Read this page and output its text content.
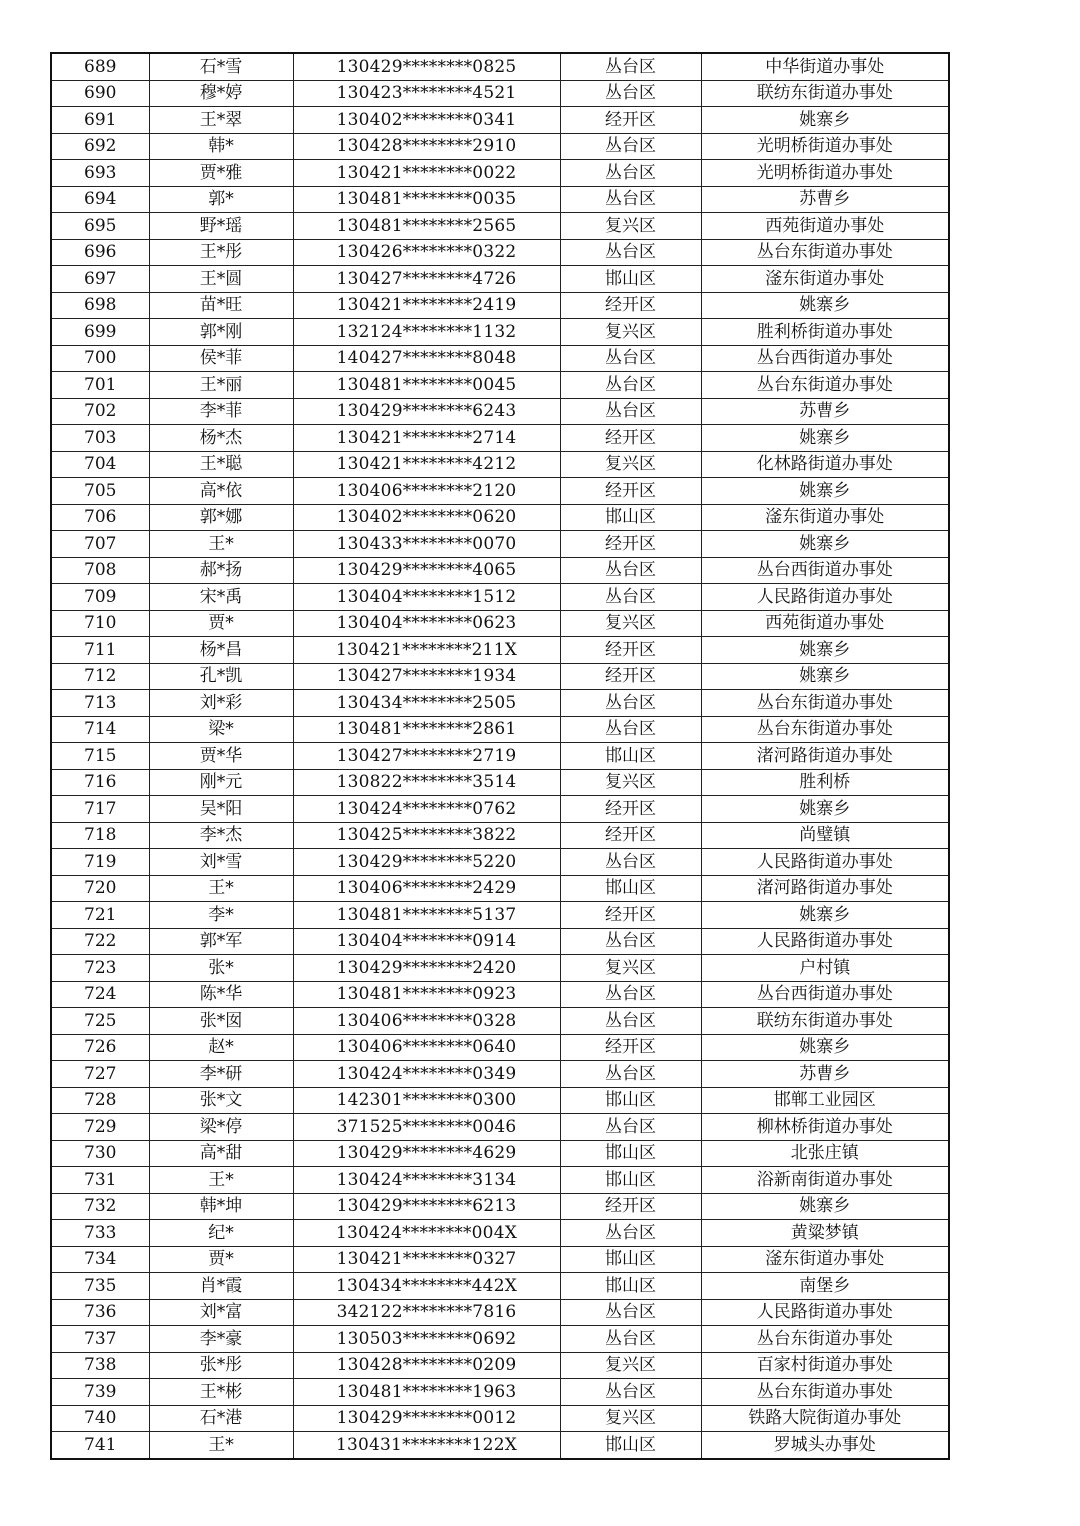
689	石*雪	130429********0825	丛台区	中华街道办事处
690	穆*婷	130423********4521	丛台区	联纺东街道办事处
691	王*翠	130402********0341	经开区	姚寨乡
692	韩*	130428********2910	丛台区	光明桥街道办事处
693	贾*雅	130421********0022	丛台区	光明桥街道办事处
694	郭*	130481********0035	丛台区	苏曹乡
695	野*瑶	130481********2565	复兴区	西苑街道办事处
696	王*彤	130426********0322	丛台区	丛台东街道办事处
697	王*圆	130427********4726	邯山区	滏东街道办事处
698	苗*旺	130421********2419	经开区	姚寨乡
699	郭*刚	132124********1132	复兴区	胜利桥街道办事处
700	侯*菲	140427********8048	丛台区	丛台西街道办事处
701	王*丽	130481********0045	丛台区	丛台东街道办事处
702	李*菲	130429********6243	丛台区	苏曹乡
703	杨*杰	130421********2714	经开区	姚寨乡
704	王*聪	130421********4212	复兴区	化林路街道办事处
705	高*依	130406********2120	经开区	姚寨乡
706	郭*娜	130402********0620	邯山区	滏东街道办事处
707	王*	130433********0070	经开区	姚寨乡
708	郝*扬	130429********4065	丛台区	丛台西街道办事处
709	宋*禹	130404********1512	丛台区	人民路街道办事处
710	贾*	130404********0623	复兴区	西苑街道办事处
711	杨*昌	130421********211X	经开区	姚寨乡
712	孔*凯	130427********1934	经开区	姚寨乡
713	刘*彩	130434********2505	丛台区	丛台东街道办事处
714	梁*	130481********2861	丛台区	丛台东街道办事处
715	贾*华	130427********2719	邯山区	渚河路街道办事处
716	刚*元	130822********3514	复兴区	胜利桥
717	吴*阳	130424********0762	经开区	姚寨乡
718	李*杰	130425********3822	经开区	尚璧镇
719	刘*雪	130429********5220	丛台区	人民路街道办事处
720	王*	130406********2429	邯山区	渚河路街道办事处
721	李*	130481********5137	经开区	姚寨乡
722	郭*军	130404********0914	丛台区	人民路街道办事处
723	张*	130429********2420	复兴区	户村镇
724	陈*华	130481********0923	丛台区	丛台西街道办事处
725	张*囡	130406********0328	丛台区	联纺东街道办事处
726	赵*	130406********0640	经开区	姚寨乡
727	李*研	130424********0349	丛台区	苏曹乡
728	张*文	142301********0300	邯山区	邯郸工业园区
729	梁*停	371525********0046	丛台区	柳林桥街道办事处
730	高*甜	130429********4629	邯山区	北张庄镇
731	王*	130424********3134	邯山区	浴新南街道办事处
732	韩*坤	130429********6213	经开区	姚寨乡
733	纪*	130424********004X	丛台区	黄粱梦镇
734	贾*	130421********0327	邯山区	滏东街道办事处
735	肖*霞	130434********442X	邯山区	南堡乡
736	刘*富	342122********7816	丛台区	人民路街道办事处
737	李*豪	130503********0692	丛台区	丛台东街道办事处
738	张*彤	130428********0209	复兴区	百家村街道办事处
739	王*彬	130481********1963	丛台区	丛台东街道办事处
740	石*港	130429********0012	复兴区	铁路大院街道办事处
741	王*	130431********122X	邯山区	罗城头办事处
